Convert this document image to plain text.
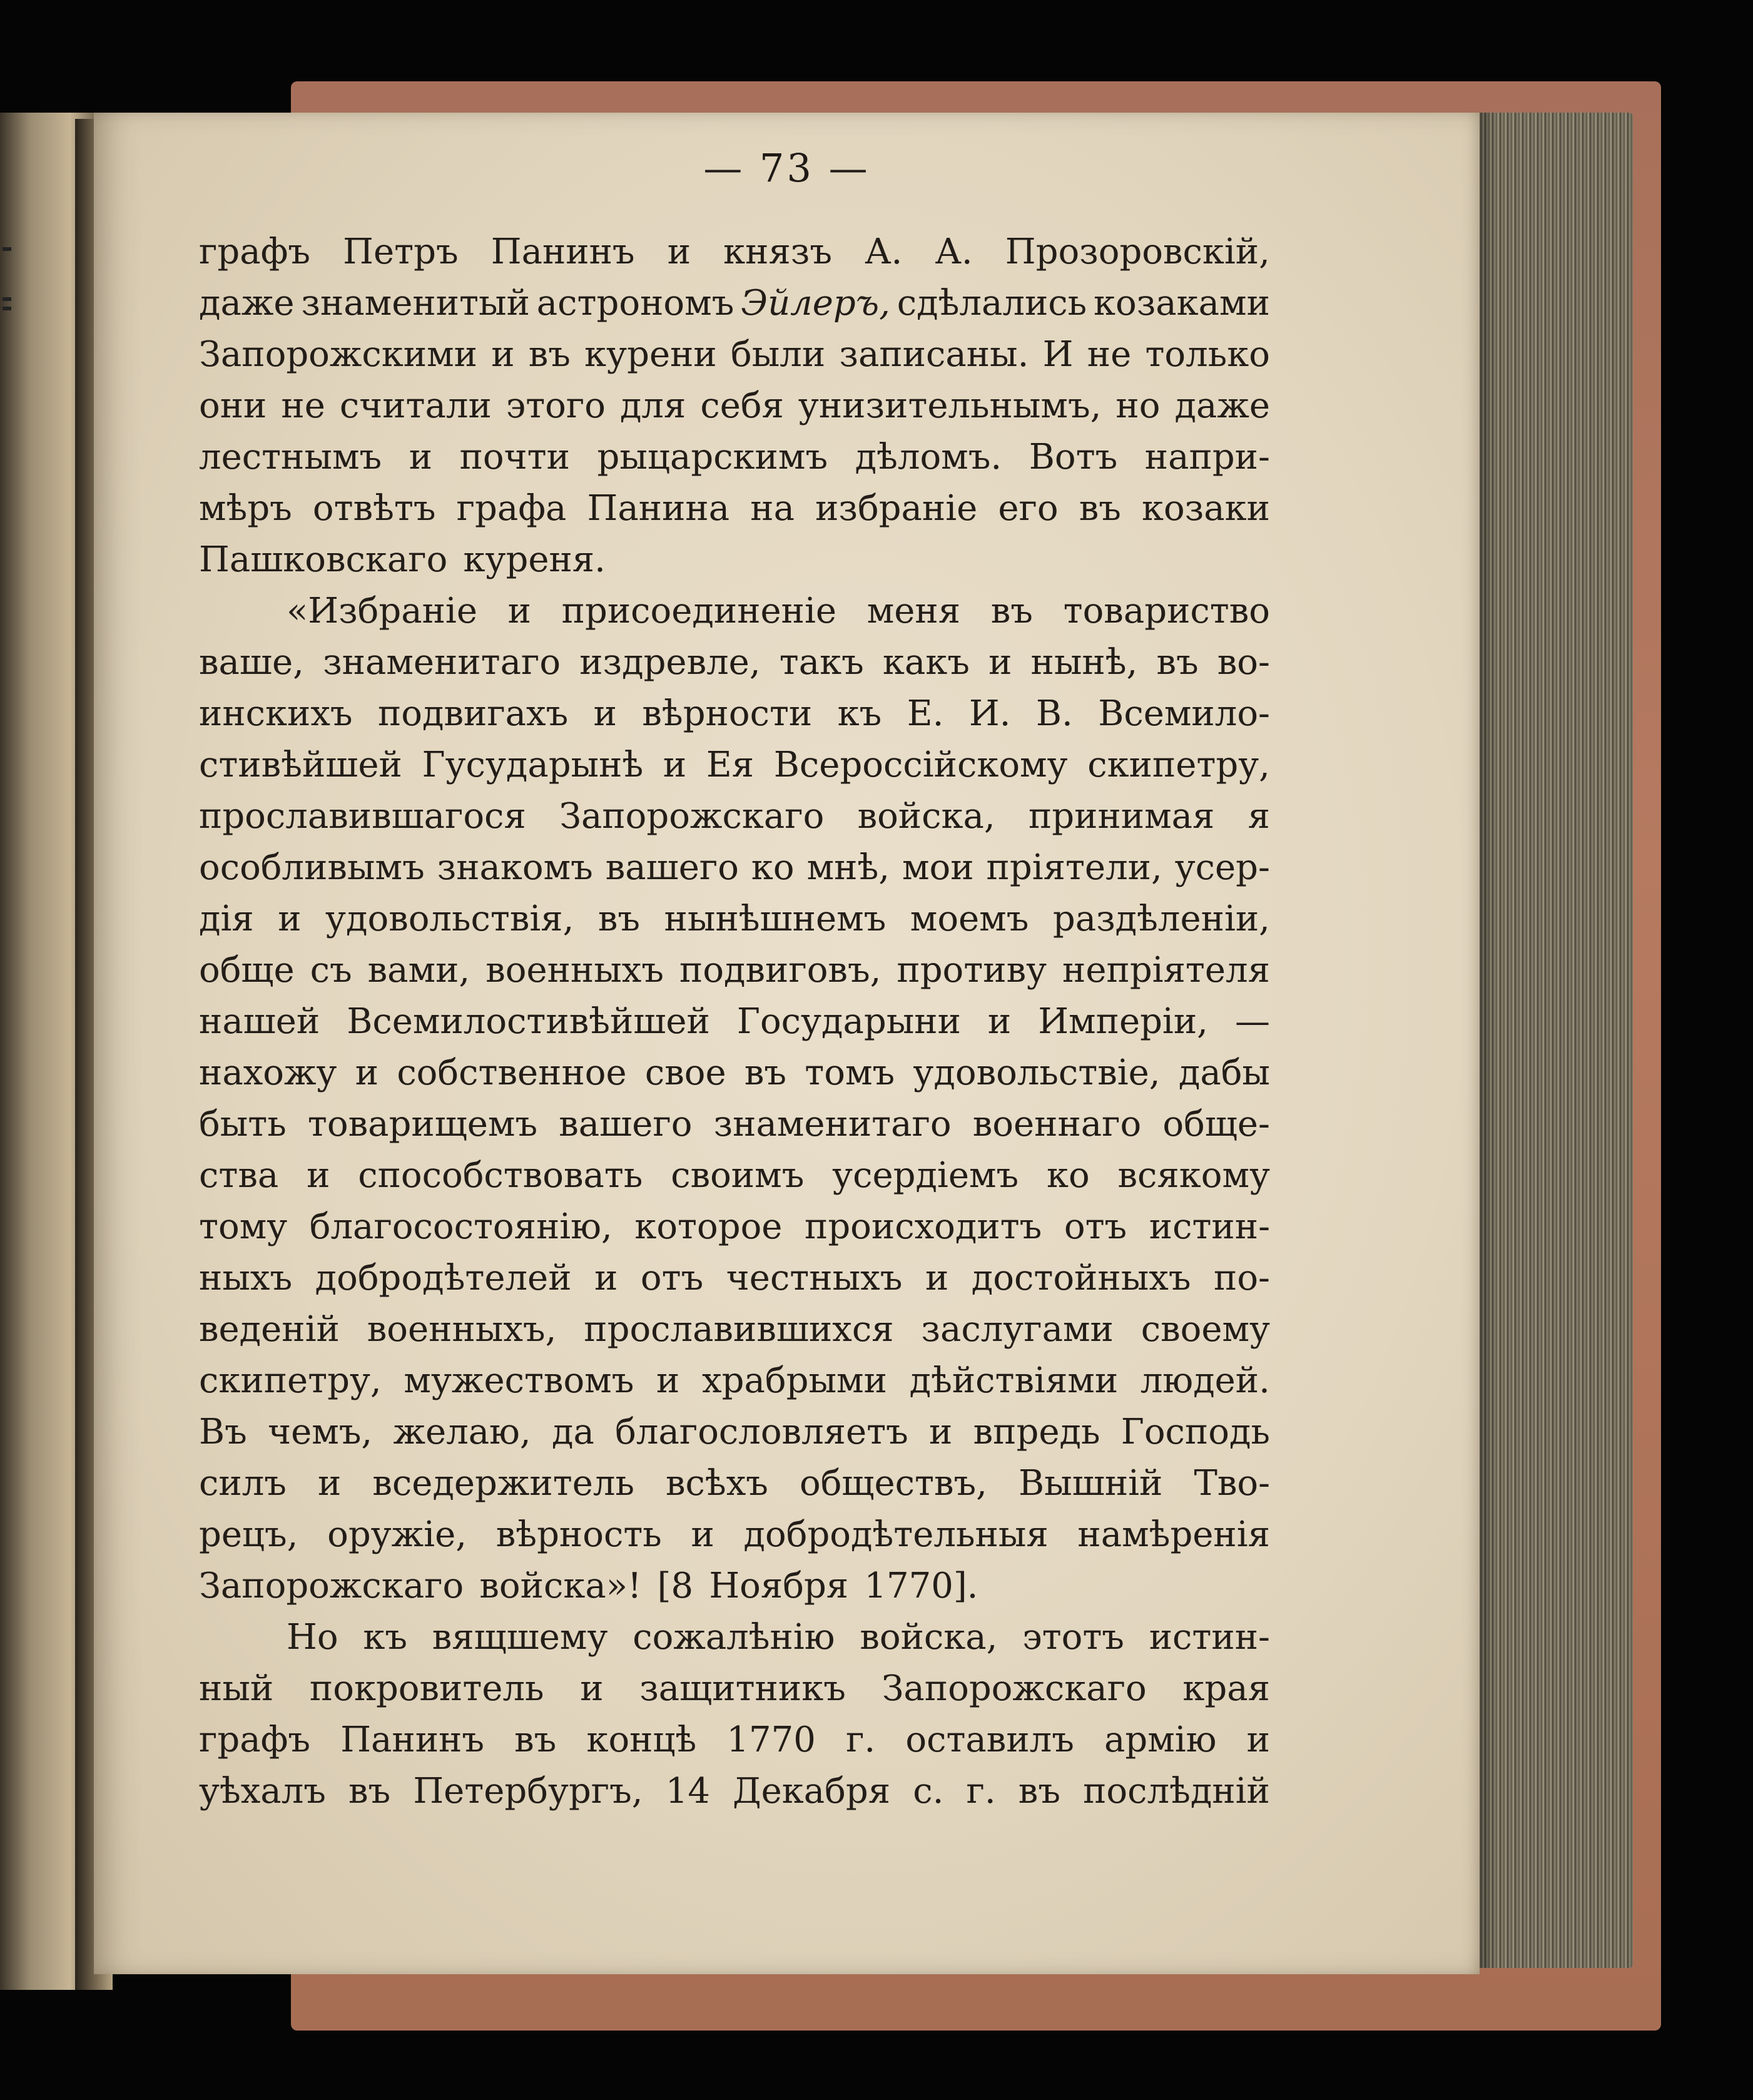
— 73 —
графъ Петръ Панинъ и князъ А. А. Прозоровскій,
даже знаменитый астрономъ Эйлеръ, сдѣлались козаками
Запорожскими и въ курени были записаны. И не только
они не считали этого для себя унизительнымъ, но даже
лестнымъ и почти рыцарскимъ дѣломъ. Вотъ напри-
мѣръ отвѣтъ графа Панина на избраніе его въ козаки
Пашковскаго куреня.
«Избраніе и присоединеніе меня въ товариство
ваше, знаменитаго издревле, такъ какъ и нынѣ, въ во-
инскихъ подвигахъ и вѣрности къ Е. И. В. Всемило-
стивѣйшей Гусударынѣ и Ея Всероссійскому скипетру,
прославившагося Запорожскаго войска, принимая я
особливымъ знакомъ вашего ко мнѣ, мои пріятели, усер-
дія и удовольствія, въ нынѣшнемъ моемъ раздѣленіи,
обще съ вами, военныхъ подвиговъ, противу непріятеля
нашей Всемилостивѣйшей Государыни и Имперіи, —
нахожу и собственное свое въ томъ удовольствіе, дабы
быть товарищемъ вашего знаменитаго военнаго обще-
ства и способствовать своимъ усердіемъ ко всякому
тому благосостоянію, которое происходитъ отъ истин-
ныхъ добродѣтелей и отъ честныхъ и достойныхъ по-
веденій военныхъ, прославившихся заслугами своему
скипетру, мужествомъ и храбрыми дѣйствіями людей.
Въ чемъ, желаю, да благословляетъ и впредь Господь
силъ и вседержитель всѣхъ обществъ, Вышній Тво-
рецъ, оружіе, вѣрность и добродѣтельныя намѣренія
Запорожскаго войска»! [8 Ноября 1770].
Но къ вящшему сожалѣнію войска, этотъ истин-
ный покровитель и защитникъ Запорожскаго края
графъ Панинъ въ концѣ 1770 г. оставилъ армію и
уѣхалъ въ Петербургъ, 14 Декабря с. г. въ послѣдній
